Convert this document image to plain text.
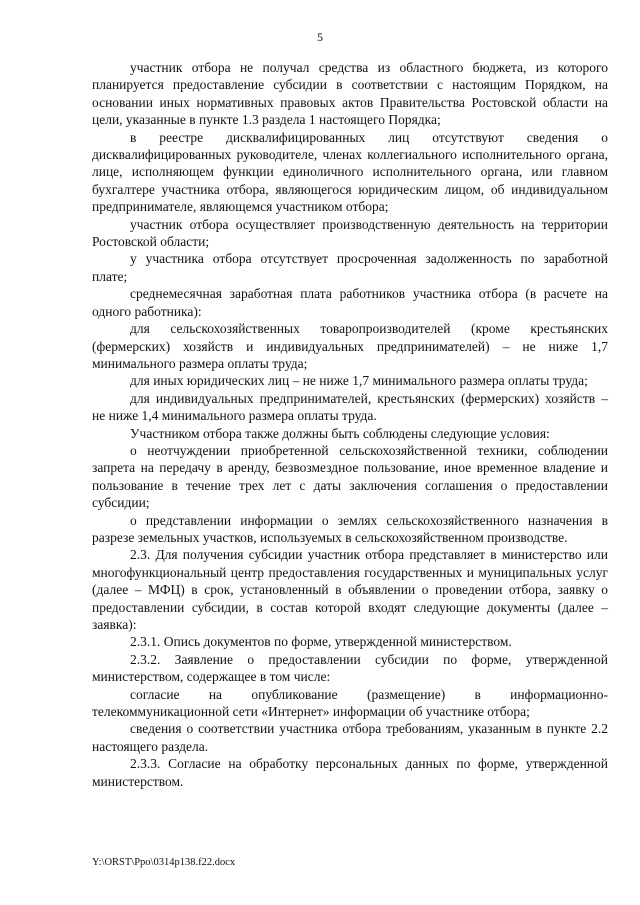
5

участник отбора не получал средства из областного бюджета, из которого планируется предоставление субсидии в соответствии с настоящим Порядком, на основании иных нормативных правовых актов Правительства Ростовской области на цели, указанные в пункте 1.3 раздела 1 настоящего Порядка;

в реестре дисквалифицированных лиц отсутствуют сведения о дисквалифицированных руководителе, членах коллегиального исполнительного органа, лице, исполняющем функции единоличного исполнительного органа, или главном бухгалтере участника отбора, являющегося юридическим лицом, об индивидуальном предпринимателе, являющемся участником отбора;

участник отбора осуществляет производственную деятельность на территории Ростовской области;

у участника отбора отсутствует просроченная задолженность по заработной плате;

среднемесячная заработная плата работников участника отбора (в расчете на одного работника):

для сельскохозяйственных товаропроизводителей (кроме крестьянских (фермерских) хозяйств и индивидуальных предпринимателей) – не ниже 1,7 минимального размера оплаты труда;

для иных юридических лиц – не ниже 1,7 минимального размера оплаты труда;

для индивидуальных предпринимателей, крестьянских (фермерских) хозяйств – не ниже 1,4 минимального размера оплаты труда.

Участником отбора также должны быть соблюдены следующие условия:

о неотчуждении приобретенной сельскохозяйственной техники, соблюдении запрета на передачу в аренду, безвозмездное пользование, иное временное владение и пользование в течение трех лет с даты заключения соглашения о предоставлении субсидии;

о представлении информации о землях сельскохозяйственного назначения в разрезе земельных участков, используемых в сельскохозяйственном производстве.

2.3. Для получения субсидии участник отбора представляет в министерство или многофункциональный центр предоставления государственных и муниципальных услуг (далее – МФЦ) в срок, установленный в объявлении о проведении отбора, заявку о предоставлении субсидии, в состав которой входят следующие документы (далее – заявка):

2.3.1. Опись документов по форме, утвержденной министерством.

2.3.2. Заявление о предоставлении субсидии по форме, утвержденной министерством, содержащее в том числе:

согласие на опубликование (размещение) в информационно-телекоммуникационной сети «Интернет» информации об участнике отбора;

сведения о соответствии участника отбора требованиям, указанным в пункте 2.2 настоящего раздела.

2.3.3. Согласие на обработку персональных данных по форме, утвержденной министерством.

Y:\ORST\Ppo\0314p138.f22.docx
